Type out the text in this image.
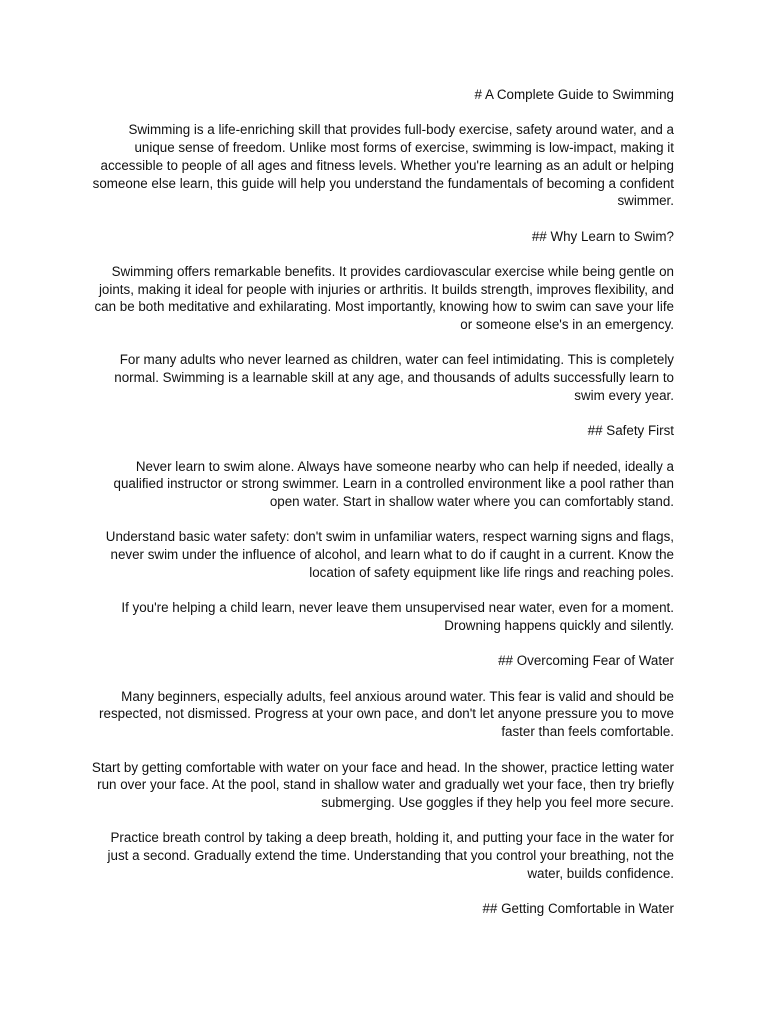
# A Complete Guide to Swimming

Swimming is a life-enriching skill that provides full-body exercise, safety around water, and a unique sense of freedom. Unlike most forms of exercise, swimming is low-impact, making it accessible to people of all ages and fitness levels. Whether you're learning as an adult or helping someone else learn, this guide will help you understand the fundamentals of becoming a confident swimmer.

## Why Learn to Swim?

Swimming offers remarkable benefits. It provides cardiovascular exercise while being gentle on joints, making it ideal for people with injuries or arthritis. It builds strength, improves flexibility, and can be both meditative and exhilarating. Most importantly, knowing how to swim can save your life or someone else's in an emergency.

For many adults who never learned as children, water can feel intimidating. This is completely normal. Swimming is a learnable skill at any age, and thousands of adults successfully learn to swim every year.

## Safety First

Never learn to swim alone. Always have someone nearby who can help if needed, ideally a qualified instructor or strong swimmer. Learn in a controlled environment like a pool rather than open water. Start in shallow water where you can comfortably stand.

Understand basic water safety: don't swim in unfamiliar waters, respect warning signs and flags, never swim under the influence of alcohol, and learn what to do if caught in a current. Know the location of safety equipment like life rings and reaching poles.

If you're helping a child learn, never leave them unsupervised near water, even for a moment. Drowning happens quickly and silently.

## Overcoming Fear of Water

Many beginners, especially adults, feel anxious around water. This fear is valid and should be respected, not dismissed. Progress at your own pace, and don't let anyone pressure you to move faster than feels comfortable.

Start by getting comfortable with water on your face and head. In the shower, practice letting water run over your face. At the pool, stand in shallow water and gradually wet your face, then try briefly submerging. Use goggles if they help you feel more secure.

Practice breath control by taking a deep breath, holding it, and putting your face in the water for just a second. Gradually extend the time. Understanding that you control your breathing, not the water, builds confidence.

## Getting Comfortable in Water
